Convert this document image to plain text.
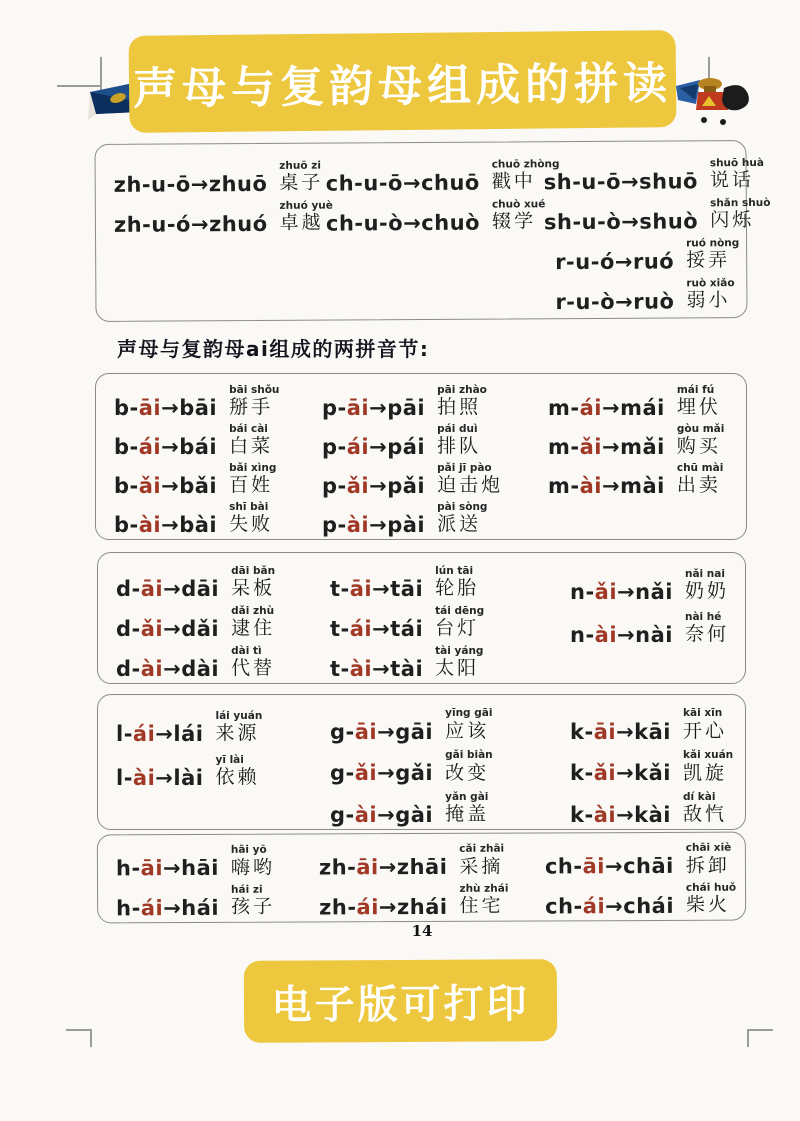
声母与复韵母组成的拼读
zh-u- ō →zhuō
zhuō zi
桌子
zh-u- ó →zhuó
zhuó yuè
卓越
ch-u- ō →chuō
chuō zhòng
戳中
ch-u- ò →chuò
chuò xué
辍学
sh-u- ō →shuō
shuō huà
说话
sh-u- ò →shuò
shǎn shuò
闪烁
r-u- ó →ruó
ruó nòng
挼弄
r-u- ò →ruò
ruò xiǎo
弱小
声母与复韵母ai组成的两拼音节:
b- āi →bāi
bāi shǒu
掰手
b- ái →bái
bái cài
白菜
b- ǎi →bǎi
bǎi xìng
百姓
b- ài →bài
shī bài
失败
p- āi →pāi
pāi zhào
拍照
p- ái →pái
pái duì
排队
p- ǎi →pǎi
pǎi jī pào
迫击炮
p- ài →pài
pài sòng
派送
m- ái →mái
mái fú
埋伏
m- ǎi →mǎi
gòu mǎi
购买
m- ài →mài
chū mài
出卖
d- āi →dāi
dāi bǎn
呆板
d- ǎi →dǎi
dǎi zhù
逮住
d- ài →dài
dài tì
代替
t- āi →tāi
lún tāi
轮胎
t- ái →tái
tái dēng
台灯
t- ài →tài
tài yáng
太阳
n- ǎi →nǎi
nǎi nai
奶奶
n- ài →nài
nài hé
奈何
l- ái →lái
lái yuán
来源
l- ài →lài
yī lài
依赖
g- āi →gāi
yīng gāi
应该
g- ǎi →gǎi
gǎi biàn
改变
g- ài →gài
yǎn gài
掩盖
k- āi →kāi
kāi xīn
开心
k- ǎi →kǎi
kǎi xuán
凯旋
k- ài →kài
dí kài
敌忾
h- āi →hāi
hāi yō
嗨哟
h- ái →hái
hái zi
孩子
zh- āi →zhāi
cǎi zhāi
采摘
zh- ái →zhái
zhù zhái
住宅
ch- āi →chāi
chāi xiè
拆卸
ch- ái →chái
chái huǒ
柴火
14
电子版可打印
